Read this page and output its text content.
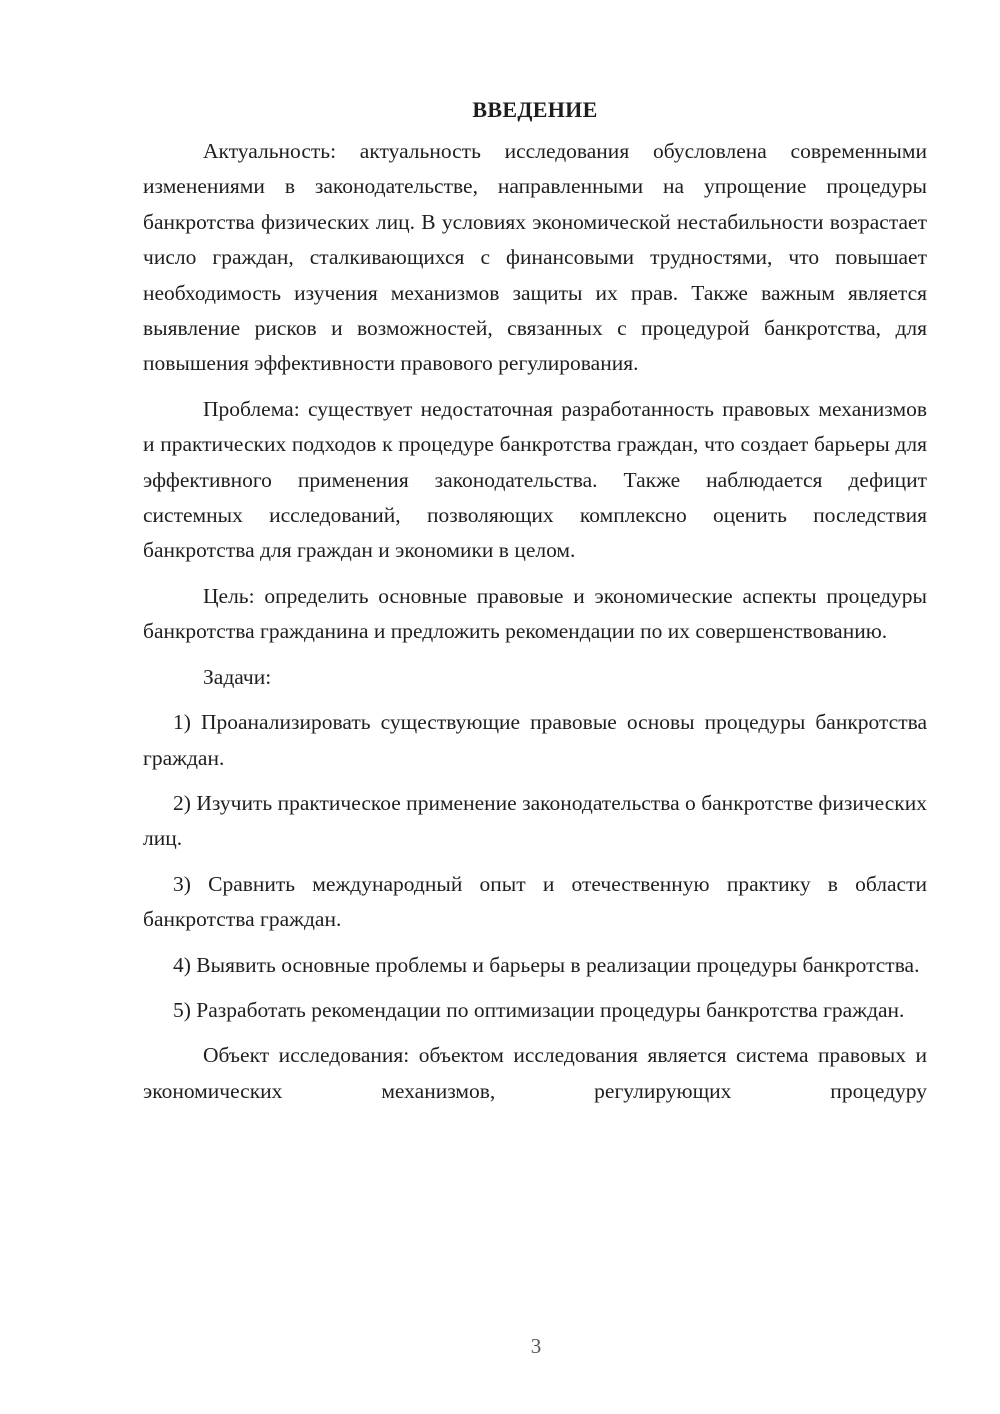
ВВЕДЕНИЕ

Актуальность: актуальность исследования обусловлена современными изменениями в законодательстве, направленными на упрощение процедуры банкротства физических лиц. В условиях экономической нестабильности возрастает число граждан, сталкивающихся с финансовыми трудностями, что повышает необходимость изучения механизмов защиты их прав. Также важным является выявление рисков и возможностей, связанных с процедурой банкротства, для повышения эффективности правового регулирования.

Проблема: существует недостаточная разработанность правовых механизмов и практических подходов к процедуре банкротства граждан, что создает барьеры для эффективного применения законодательства. Также наблюдается дефицит системных исследований, позволяющих комплексно оценить последствия банкротства для граждан и экономики в целом.

Цель: определить основные правовые и экономические аспекты процедуры банкротства гражданина и предложить рекомендации по их совершенствованию.

Задачи:

1) Проанализировать существующие правовые основы процедуры банкротства граждан.

2) Изучить практическое применение законодательства о банкротстве физических лиц.

3) Сравнить международный опыт и отечественную практику в области банкротства граждан.

4) Выявить основные проблемы и барьеры в реализации процедуры банкротства.

5) Разработать рекомендации по оптимизации процедуры банкротства граждан.

Объект исследования: объектом исследования является система правовых и экономических механизмов, регулирующих процедуру

3
